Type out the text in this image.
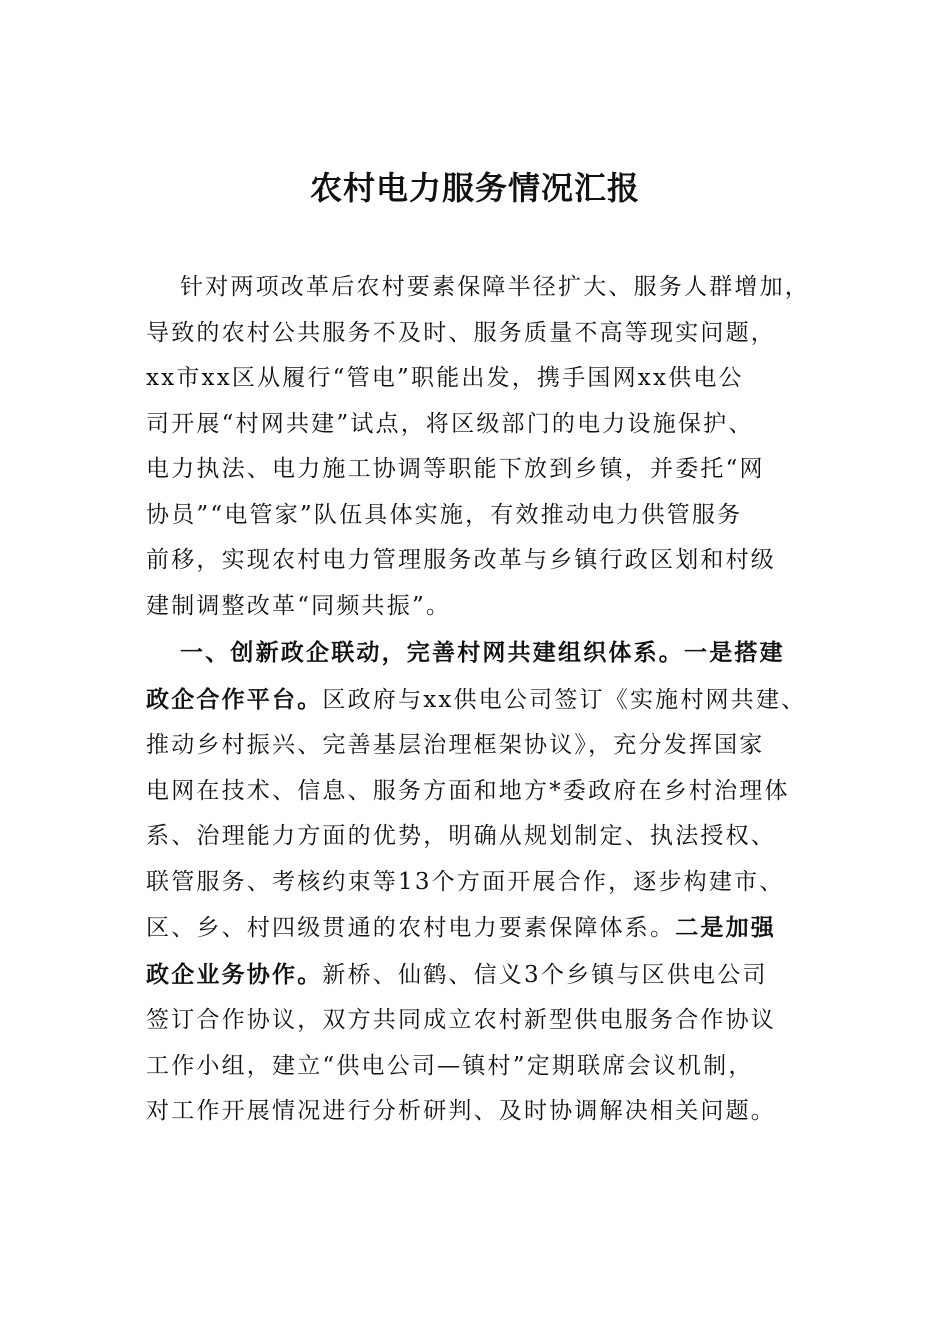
农村电力服务情况汇报
针对两项改革后农村要素保障半径扩大、服务人群增加，
导致的农村公共服务不及时、服务质量不高等现实问题，
xx市xx区从履行“管电”职能出发，携手国网xx供电公
司开展“村网共建”试点，将区级部门的电力设施保护、
电力执法、电力施工协调等职能下放到乡镇，并委托“网
协员”“电管家”队伍具体实施，有效推动电力供管服务
前移，实现农村电力管理服务改革与乡镇行政区划和村级
建制调整改革“同频共振”。
一、创新政企联动，完善村网共建组织体系。一是搭建
政企合作平台。区政府与xx供电公司签订《实施村网共建、
推动乡村振兴、完善基层治理框架协议》，充分发挥国家
电网在技术、信息、服务方面和地方*委政府在乡村治理体
系、治理能力方面的优势，明确从规划制定、执法授权、
联管服务、考核约束等13个方面开展合作，逐步构建市、
区、乡、村四级贯通的农村电力要素保障体系。二是加强
政企业务协作。新桥、仙鹤、信义3个乡镇与区供电公司
签订合作协议，双方共同成立农村新型供电服务合作协议
工作小组，建立“供电公司—镇村”定期联席会议机制，
对工作开展情况进行分析研判、及时协调解决相关问题。
